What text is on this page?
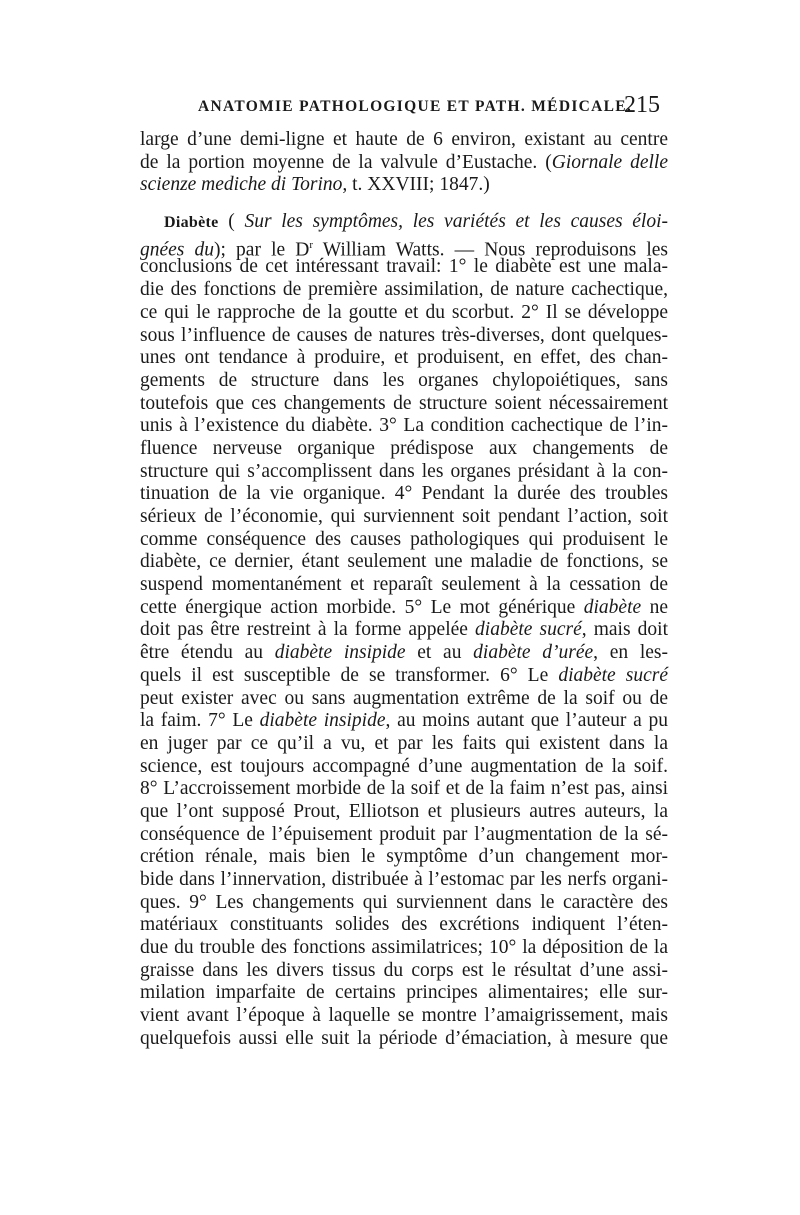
ANATOMIE PATHOLOGIQUE ET PATH. MÉDICALE.
215
large d’une demi-ligne et haute de 6 environ, existant au centre
de la portion moyenne de la valvule d’Eustache. (Giornale delle
scienze mediche di Torino, t. XXVIII; 1847.)
Diabète ( Sur les symptômes, les variétés et les causes éloi-
gnées du); par le $D^r$ William Watts. — Nous reproduisons les
conclusions de cet intéressant travail: 1° le diabète est une mala-
die des fonctions de première assimilation, de nature cachectique,
ce qui le rapproche de la goutte et du scorbut. 2° Il se développe
sous l’influence de causes de natures très-diverses, dont quelques-
unes ont tendance à produire, et produisent, en effet, des chan-
gements de structure dans les organes chylopoiétiques, sans
toutefois que ces changements de structure soient nécessairement
unis à l’existence du diabète. 3° La condition cachectique de l’in-
fluence nerveuse organique prédispose aux changements de
structure qui s’accomplissent dans les organes présidant à la con-
tinuation de la vie organique. 4° Pendant la durée des troubles
sérieux de l’économie, qui surviennent soit pendant l’action, soit
comme conséquence des causes pathologiques qui produisent le
diabète, ce dernier, étant seulement une maladie de fonctions, se
suspend momentanément et reparaît seulement à la cessation de
cette énergique action morbide. 5° Le mot générique diabète ne
doit pas être restreint à la forme appelée diabète sucré, mais doit
être étendu au diabète insipide et au diabète d’urée, en les-
quels il est susceptible de se transformer. 6° Le diabète sucré
peut exister avec ou sans augmentation extrême de la soif ou de
la faim. 7° Le diabète insipide, au moins autant que l’auteur a pu
en juger par ce qu’il a vu, et par les faits qui existent dans la
science, est toujours accompagné d’une augmentation de la soif.
8° L’accroissement morbide de la soif et de la faim n’est pas, ainsi
que l’ont supposé Prout, Elliotson et plusieurs autres auteurs, la
conséquence de l’épuisement produit par l’augmentation de la sé-
crétion rénale, mais bien le symptôme d’un changement mor-
bide dans l’innervation, distribuée à l’estomac par les nerfs organi-
ques. 9° Les changements qui surviennent dans le caractère des
matériaux constituants solides des excrétions indiquent l’éten-
due du trouble des fonctions assimilatrices; 10° la déposition de la
graisse dans les divers tissus du corps est le résultat d’une assi-
milation imparfaite de certains principes alimentaires; elle sur-
vient avant l’époque à laquelle se montre l’amaigrissement, mais
quelquefois aussi elle suit la période d’émaciation, à mesure que
